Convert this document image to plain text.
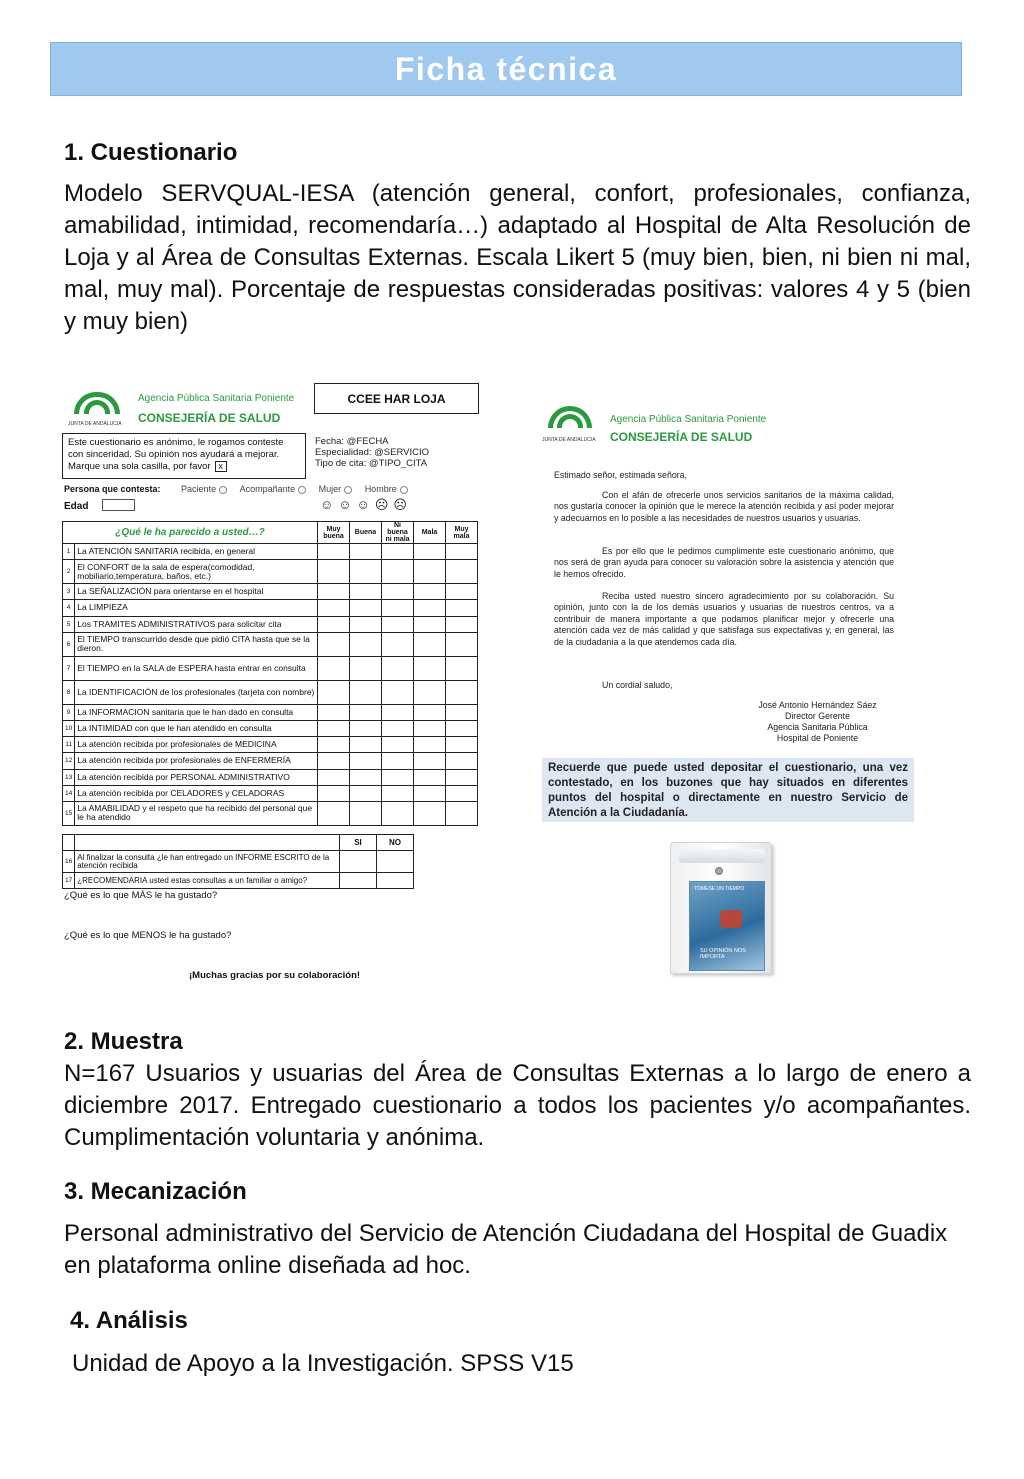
Ficha técnica
1. Cuestionario
Modelo SERVQUAL-IESA (atención general, confort, profesionales, confianza, amabilidad, intimidad, recomendaría…) adaptado al Hospital de Alta Resolución de Loja y al Área de Consultas Externas. Escala Likert 5 (muy bien, bien, ni bien ni mal, mal, muy mal). Porcentaje de respuestas consideradas positivas: valores 4 y 5 (bien y muy bien)
JUNTA DE ANDALUCIA
Agencia Pública Sanitaria Poniente
CONSEJERÍA DE SALUD
CCEE HAR LOJA
Este cuestionario es anónimo, le rogamos conteste con sinceridad. Su opinión nos ayudará a mejorar. Marque una sola casilla, por favor x
Fecha: @FECHA
Especialidad: @SERVICIO
Tipo de cita: @TIPO_CITA
Persona que contesta: Paciente	Acompañante	Mujer	Hombre
Edad	☺☺☺☹☹
¿Qué le ha parecido a usted…?		Muy buena	Buena	Ni buena ni mala	Mala	Muy mala
1	La ATENCIÓN SANITARIA recibida, en general					
2	El CONFORT de la sala de espera(comodidad, mobiliario,temperatura, baños, etc.)					
3	La SEÑALIZACIÓN para orientarse en el hospital					
4	La LIMPIEZA					
5	Los TRAMITES ADMINISTRATIVOS para solicitar cita					
6	El TIEMPO transcurrido desde que pidió CITA hasta que se la dieron.					
7	El TIEMPO en la SALA de ESPERA hasta entrar en consulta					
8	La IDENTIFICACIÓN de los profesionales (tarjeta con nombre)					
9	La INFORMACION sanitaria que le han dado en consulta					
10	La INTIMIDAD con que le han atendido en consulta					
11	La atención recibida por profesionales de MEDICINA					
12	La atención recibida por profesionales de ENFERMERÍA					
13	La atención recibida por PERSONAL ADMINISTRATIVO					
14	La atención recibida por CELADORES y CELADORAS					
15	La AMABILIDAD y el respeto que ha recibido del personal que le ha atendido					
		SI	NO
16	Al finalizar la consulta ¿le han entregado un INFORME ESCRITO de la atención recibida		
17	¿RECOMENDARIA usted estas consultas a un familiar o amigo?		
¿Qué es lo que MÁS le ha gustado?
¿Qué es lo que MENOS le ha gustado?
¡Muchas gracias por su colaboración!
JUNTA DE ANDALUCIA
Agencia Pública Sanitaria Poniente
CONSEJERÍA DE SALUD
Estimado señor, estimada señora,
Con el afán de ofrecerle unos servicios sanitarios de la máxima calidad, nos gustaría conocer la opinión que le merece la atención recibida y así poder mejorar y adecuarnos en lo posible a las necesidades de nuestros usuarios y usuarias.
Es por ello que le pedimos cumplimente este cuestionario anónimo, que nos será de gran ayuda para conocer su valoración sobre la asistencia y atención que le hemos ofrecido.
Reciba usted nuestro sincero agradecimiento por su colaboración. Su opinión, junto con la de los demás usuarios y usuarias de nuestros centros, va a contribuir de manera importante a que podamos planificar mejor y ofrecerle una atención cada vez de más calidad y que satisfaga sus expectativas y, en general, las de la ciudadanía a la que atendemos cada día.
Un cordial saludo,
José Antonio Hernández Sáez
Director Gerente
Agencia Sanitaria Pública
Hospital de Poniente
Recuerde que puede usted depositar el cuestionario, una vez contestado, en los buzones que hay situados en diferentes puntos del hospital o directamente en nuestro Servicio de Atención a la Ciudadanía.
TÓMESE UN TIEMPO
SU OPINIÓN NOS IMPORTA
2. Muestra
N=167 Usuarios y usuarias del Área de Consultas Externas a lo largo de enero a diciembre 2017. Entregado cuestionario a todos los pacientes y/o acompañantes. Cumplimentación voluntaria y anónima.
3. Mecanización
Personal administrativo del Servicio de Atención Ciudadana del Hospital de Guadix en plataforma online diseñada ad hoc.
4. Análisis
Unidad de Apoyo a la Investigación. SPSS V15
